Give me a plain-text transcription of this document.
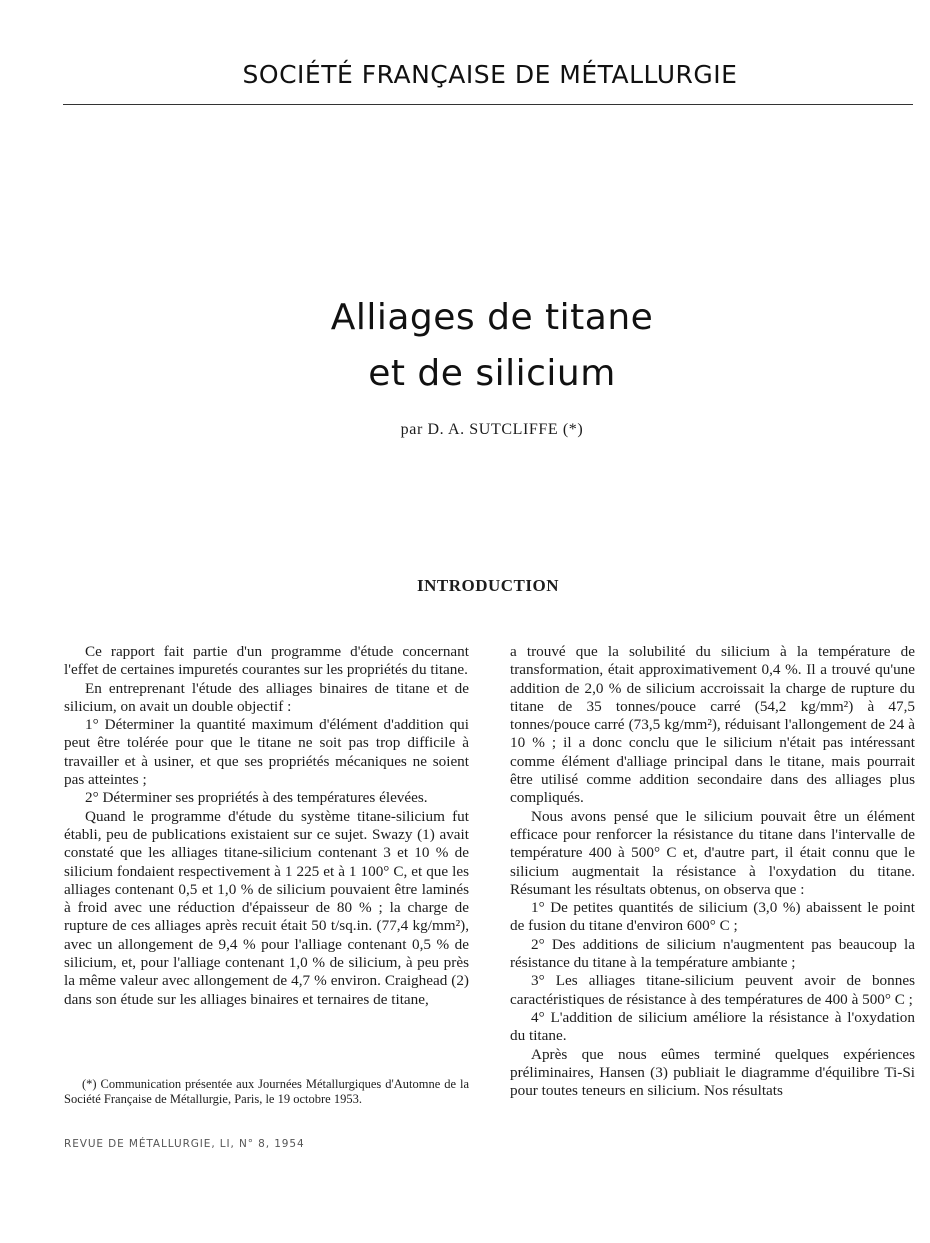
SOCIÉTÉ FRANÇAISE DE MÉTALLURGIE
Alliages de titane
et de silicium
par D. A. SUTCLIFFE (*)
INTRODUCTION

Ce rapport fait partie d'un programme d'étude concernant l'effet de certaines impuretés courantes sur les propriétés du titane.

En entreprenant l'étude des alliages binaires de titane et de silicium, on avait un double objectif :

1° Déterminer la quantité maximum d'élément d'addition qui peut être tolérée pour que le titane ne soit pas trop difficile à travailler et à usiner, et que ses propriétés mécaniques ne soient pas atteintes ;

2° Déterminer ses propriétés à des températures élevées.

Quand le programme d'étude du système titane-silicium fut établi, peu de publications existaient sur ce sujet. Swazy (1) avait constaté que les alliages titane-silicium contenant 3 et 10 % de silicium fondaient respectivement à 1 225 et à 1 100° C, et que les alliages contenant 0,5 et 1,0 % de silicium pouvaient être laminés à froid avec une réduction d'épaisseur de 80 % ; la charge de rupture de ces alliages après recuit était 50 t/sq.in. (77,4 kg/mm²), avec un allongement de 9,4 % pour l'alliage contenant 0,5 % de silicium, et, pour l'alliage contenant 1,0 % de silicium, à peu près la même valeur avec allongement de 4,7 % environ. Craighead (2) dans son étude sur les alliages binaires et ternaires de titane,

a trouvé que la solubilité du silicium à la température de transformation, était approximativement 0,4 %. Il a trouvé qu'une addition de 2,0 % de silicium accroissait la charge de rupture du titane de 35 tonnes/pouce carré (54,2 kg/mm²) à 47,5 tonnes/pouce carré (73,5 kg/mm²), réduisant l'allongement de 24 à 10 % ; il a donc conclu que le silicium n'était pas intéressant comme élément d'alliage principal dans le titane, mais pourrait être utilisé comme addition secondaire dans des alliages plus compliqués.

Nous avons pensé que le silicium pouvait être un élément efficace pour renforcer la résistance du titane dans l'intervalle de température 400 à 500° C et, d'autre part, il était connu que le silicium augmentait la résistance à l'oxydation du titane. Résumant les résultats obtenus, on observa que :

1° De petites quantités de silicium (3,0 %) abaissent le point de fusion du titane d'environ 600° C ;

2° Des additions de silicium n'augmentent pas beaucoup la résistance du titane à la température ambiante ;

3° Les alliages titane-silicium peuvent avoir de bonnes caractéristiques de résistance à des températures de 400 à 500° C ;

4° L'addition de silicium améliore la résistance à l'oxydation du titane.

Après que nous eûmes terminé quelques expériences préliminaires, Hansen (3) publiait le diagramme d'équilibre Ti-Si pour toutes teneurs en silicium. Nos résultats

(*) Communication présentée aux Journées Métallurgiques d'Automne de la Société Française de Métallurgie, Paris, le 19 octobre 1953.

REVUE DE MÉTALLURGIE, LI, N° 8, 1954
